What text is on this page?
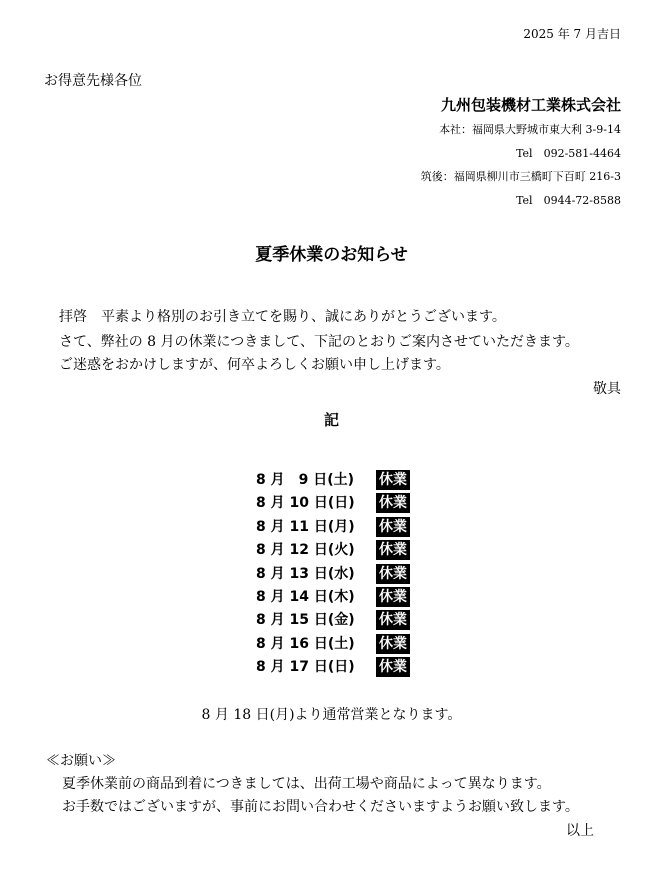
2025 年 7 月吉日
お得意先様各位
九州包装機材工業株式会社
本社：福岡県大野城市東大利 3-9-14
Tel　092-581-4464
筑後：福岡県柳川市三橋町下百町 216-3
Tel　0944-72-8588
夏季休業のお知らせ
拝啓　平素より格別のお引き立てを賜り、誠にありがとうございます。
さて、弊社の 8 月の休業につきまして、下記のとおりご案内させていただきます。
ご迷惑をおかけしますが、何卒よろしくお願い申し上げます。
敬具
記
8 月　9 日(土) 休業
8 月 10 日(日) 休業
8 月 11 日(月) 休業
8 月 12 日(火) 休業
8 月 13 日(水) 休業
8 月 14 日(木) 休業
8 月 15 日(金) 休業
8 月 16 日(土) 休業
8 月 17 日(日) 休業
8 月 18 日(月)より通常営業となります。
≪お願い≫
夏季休業前の商品到着につきましては、出荷工場や商品によって異なります。
お手数ではございますが、事前にお問い合わせくださいますようお願い致します。
以上
